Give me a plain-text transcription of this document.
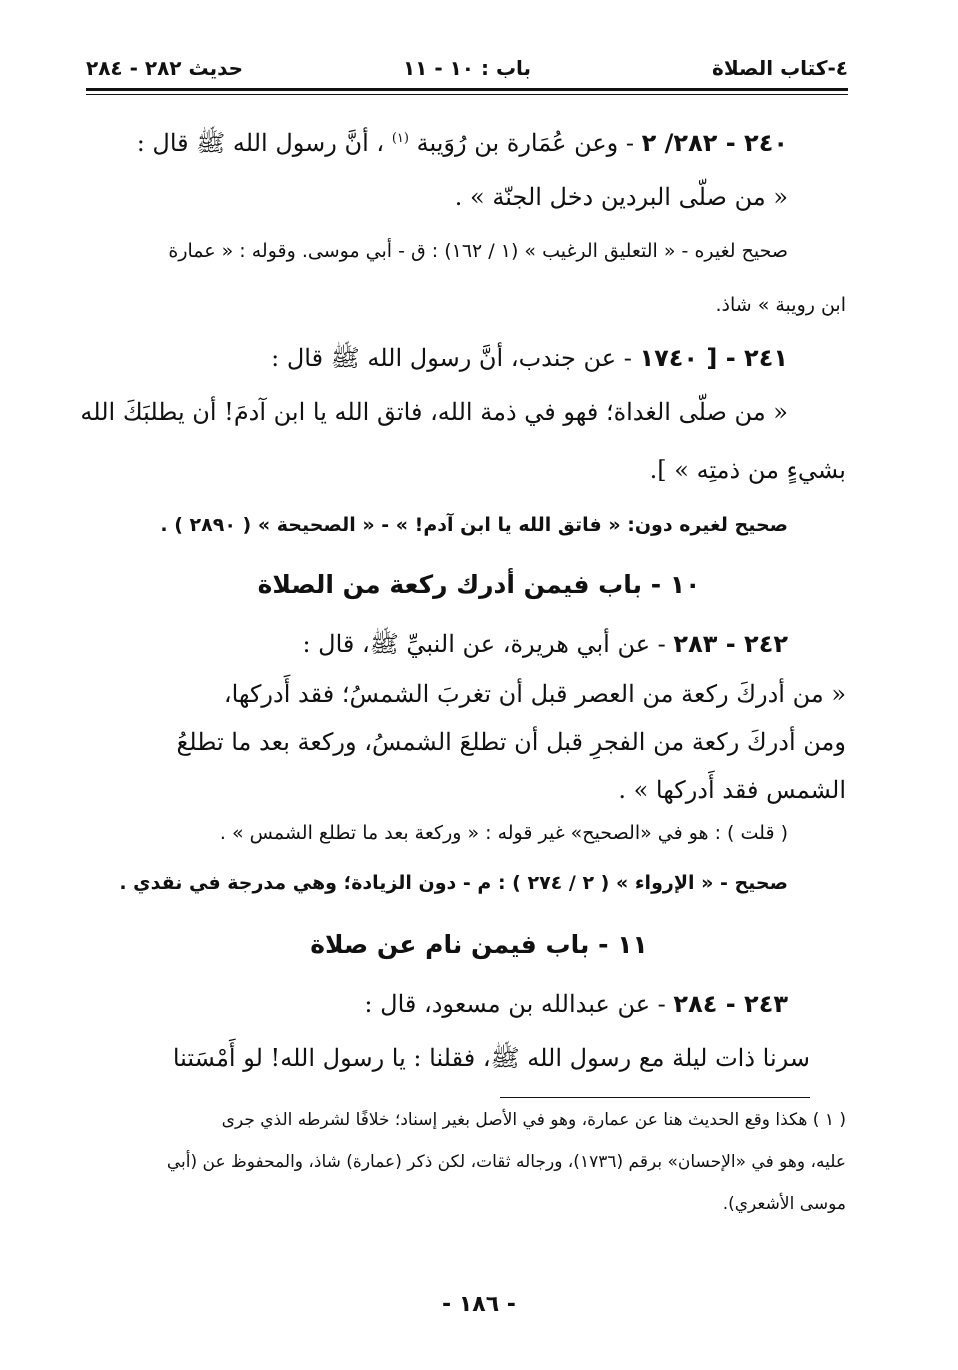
٤-كتاب الصلاة
باب : ١٠ - ١١
حديث ٢٨٢ - ٢٨٤
٢٤٠ - ٢٨٢/ ٢ - وعن عُمَارة بن رُوَيبة $^{(١)}$ ، أنَّ رسول الله ﷺ قال :
« من صلّى البردين دخل الجنّة » .
صحيح لغيره - « التعليق الرغيب » (١ / ١٦٢) : ق - أبي موسى. وقوله : « عمارة
ابن رويبة » شاذ.
٢٤١ - [ ١٧٤٠ - عن جندب، أنَّ رسول الله ﷺ قال :
« من صلّى الغداة؛ فهو في ذمة الله، فاتق الله يا ابن آدمَ! أن يطلبَكَ الله
بشيءٍ من ذمتِه » ].
صحيح لغيره دون: « فاتق الله يا ابن آدم! » - « الصحيحة » ( ٢٨٩٠ ) .
١٠ - باب فيمن أدرك ركعة من الصلاة
٢٤٢ - ٢٨٣ - عن أبي هريرة، عن النبيِّ ﷺ، قال :
« من أدركَ ركعة من العصر قبل أن تغربَ الشمسُ؛ فقد أَدركها،
ومن أدركَ ركعة من الفجرِ قبل أن تطلعَ الشمسُ، وركعة بعد ما تطلعُ
الشمس فقد أَدركها » .
( قلت ) : هو في «الصحيح» غير قوله : « وركعة بعد ما تطلع الشمس » .
صحيح - « الإرواء » ( ٢ / ٢٧٤ ) : م - دون الزيادة؛ وهي مدرجة في نقدي .
١١ - باب فيمن نام عن صلاة
٢٤٣ - ٢٨٤ - عن عبدالله بن مسعود، قال :
سرنا ذات ليلة مع رسول الله ﷺ، فقلنا : يا رسول الله! لو أَمْسَتنا
( ١ ) هكذا وقع الحديث هنا عن عمارة، وهو في الأصل بغير إسناد؛ خلافًا لشرطه الذي جرى
عليه، وهو في «الإحسان» برقم (١٧٣٦)، ورجاله ثقات، لكن ذكر (عمارة) شاذ، والمحفوظ عن (أبي
موسى الأشعري).
- ١٨٦ -
